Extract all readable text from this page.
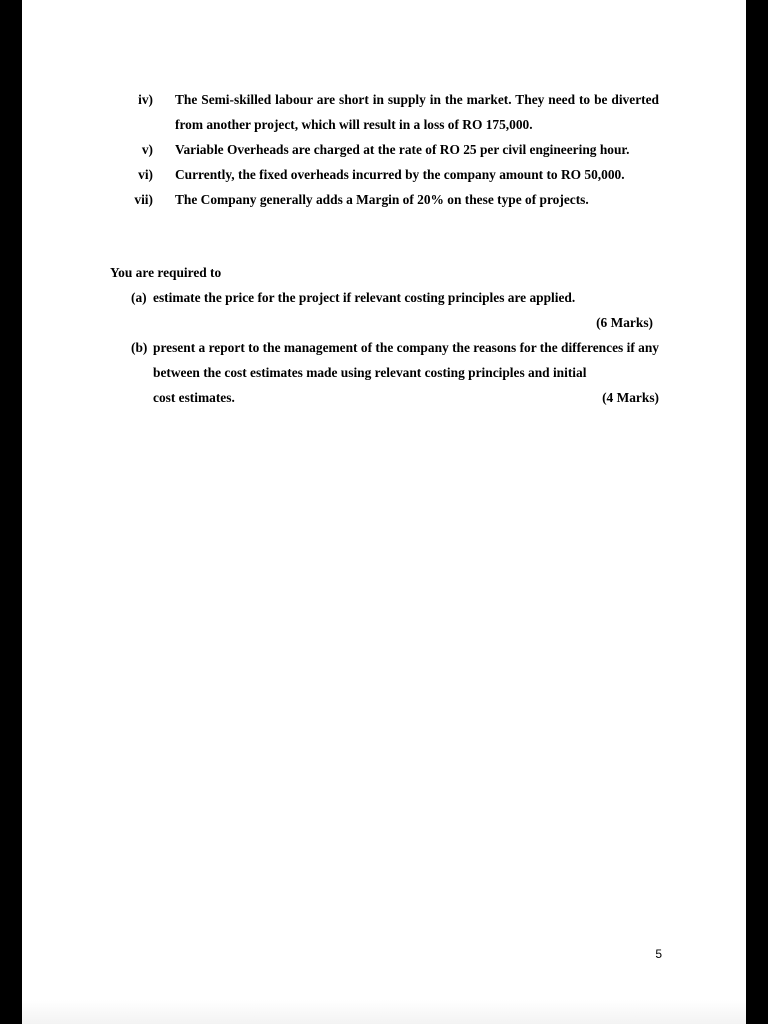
iv) The Semi-skilled labour are short in supply in the market. They need to be diverted from another project, which will result in a loss of RO 175,000.
v) Variable Overheads are charged at the rate of RO 25 per civil engineering hour.
vi) Currently, the fixed overheads incurred by the company amount to RO 50,000.
vii) The Company generally adds a Margin of 20% on these type of projects.
You are required to
(a) estimate the price for the project if relevant costing principles are applied.
(6 Marks)
(b) present a report to the management of the company the reasons for the differences if any between the cost estimates made using relevant costing principles and initial
cost estimates.	(4 Marks)
5
